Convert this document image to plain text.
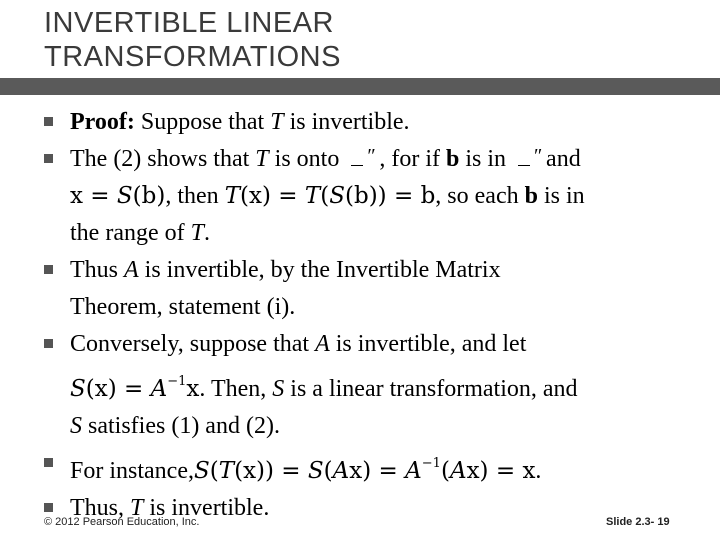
INVERTIBLE LINEAR
TRANSFORMATIONS
Proof: Suppose that T is invertible.
The (2) shows that T is onto ″ , for if b is in ″ and
x = S(b), then T(x) = T(S(b)) = b, so each b is in
the range of T.
Thus A is invertible, by the Invertible Matrix
Theorem, statement (i).
Conversely, suppose that A is invertible, and let
$S(x) = A^{-1}x$. Then, S is a linear transformation, and
S satisfies (1) and (2).
For instance,S(T(x)) = $S(Ax) = A^{-1}(Ax) = x$.
Thus, T is invertible.
© 2012 Pearson Education, Inc.	Slide 2.3- 19
